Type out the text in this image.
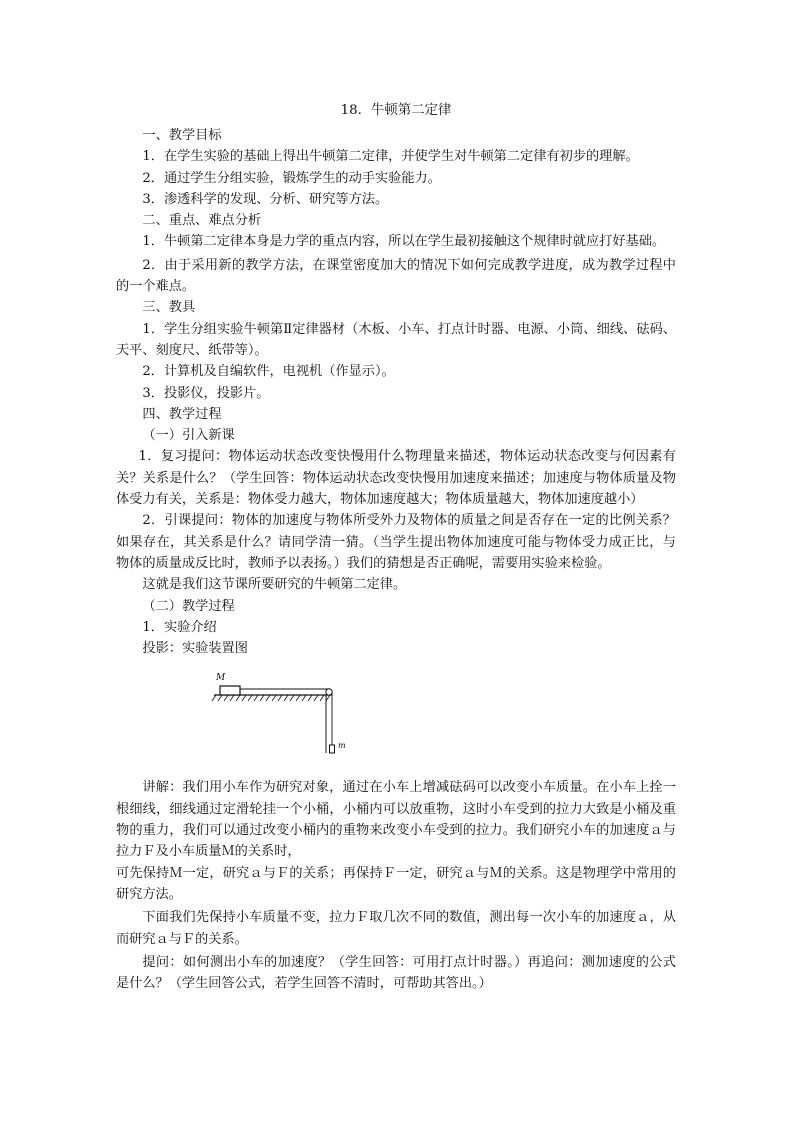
18．牛顿第二定律

一、教学目标

1．在学生实验的基础上得出牛顿第二定律，并使学生对牛顿第二定律有初步的理解。

2．通过学生分组实验，锻炼学生的动手实验能力。

3．渗透科学的发现、分析、研究等方法。

二、重点、难点分析

1．牛顿第二定律本身是力学的重点内容，所以在学生最初接触这个规律时就应打好基础。

2．由于采用新的教学方法，在课堂密度加大的情况下如何完成教学进度，成为教学过程中的一个难点。

三、教具

1．学生分组实验牛顿第Ⅱ定律器材（木板、小车、打点计时器、电源、小筒、细线、砝码、天平、刻度尺、纸带等）。

2．计算机及自编软件，电视机（作显示）。

3．投影仪，投影片。

四、教学过程

（一）引入新课

1．复习提问：物体运动状态改变快慢用什么物理量来描述，物体运动状态改变与何因素有关？关系是什么？（学生回答：物体运动状态改变快慢用加速度来描述；加速度与物体质量及物体受力有关，关系是：物体受力越大，物体加速度越大；物体质量越大，物体加速度越小）

2．引课提问：物体的加速度与物体所受外力及物体的质量之间是否存在一定的比例关系？如果存在，其关系是什么？请同学清一猜。（当学生提出物体加速度可能与物体受力成正比，与物体的质量成反比时，教师予以表扬。）我们的猜想是否正确呢，需要用实验来检验。

这就是我们这节课所要研究的牛顿第二定律。

（二）教学过程

1．实验介绍

投影：实验装置图

M
m

讲解：我们用小车作为研究对象，通过在小车上增减砝码可以改变小车质量。在小车上拴一根细线，细线通过定滑轮挂一个小桶，小桶内可以放重物，这时小车受到的拉力大致是小桶及重物的重力，我们可以通过改变小桶内的重物来改变小车受到的拉力。我们研究小车的加速度ａ与拉力Ｆ及小车质量Ｍ的关系时，

可先保持Ｍ一定，研究ａ与Ｆ的关系；再保持Ｆ一定，研究ａ与Ｍ的关系。这是物理学中常用的研究方法。

下面我们先保持小车质量不变，拉力Ｆ取几次不同的数值，测出每一次小车的加速度ａ，从而研究ａ与Ｆ的关系。

提问：如何测出小车的加速度？（学生回答：可用打点计时器。）再追问：测加速度的公式是什么？（学生回答公式，若学生回答不清时，可帮助其答出。）
